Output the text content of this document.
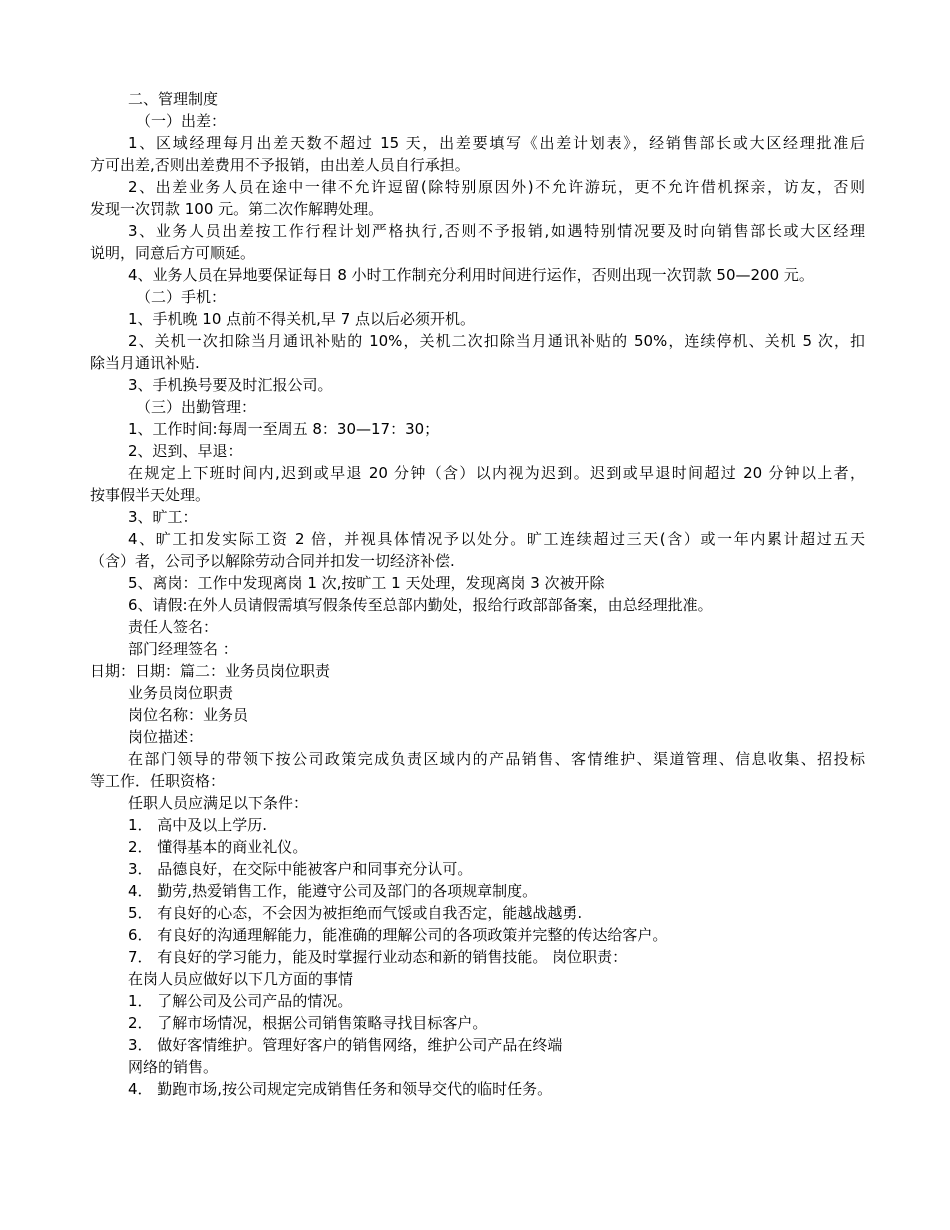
二、管理制度
（一）出差：
1、区域经理每月出差天数不超过 15 天，出差要填写《出差计划表》，经销售部长或大区经理批准后
方可出差,否则出差费用不予报销，由出差人员自行承担。
2、出差业务人员在途中一律不允许逗留(除特别原因外)不允许游玩，更不允许借机探亲，访友，否则
发现一次罚款 100 元。第二次作解聘处理。
3、业务人员出差按工作行程计划严格执行,否则不予报销,如遇特别情况要及时向销售部长或大区经理
说明，同意后方可顺延。
4、业务人员在异地要保证每日 8 小时工作制充分利用时间进行运作，否则出现一次罚款 50—200 元。
（二）手机：
1、手机晚 10 点前不得关机,早 7 点以后必须开机。
2、关机一次扣除当月通讯补贴的 10%，关机二次扣除当月通讯补贴的 50%，连续停机、关机 5 次，扣
除当月通讯补贴.
3、手机换号要及时汇报公司。
（三）出勤管理：
1、工作时间:每周一至周五 8：30—17：30；
2、迟到、早退：
在规定上下班时间内,迟到或早退 20 分钟（含）以内视为迟到。迟到或早退时间超过 20 分钟以上者，
按事假半天处理。
3、旷工：
4、旷工扣发实际工资 2 倍，并视具体情况予以处分。旷工连续超过三天(含）或一年内累计超过五天
（含）者，公司予以解除劳动合同并扣发一切经济补偿.
5、离岗：工作中发现离岗 1 次,按旷工 1 天处理，发现离岗 3 次被开除
6、请假:在外人员请假需填写假条传至总部内勤处，报给行政部部备案，由总经理批准。
责任人签名：
部门经理签名 ：
日期：日期：篇二：业务员岗位职责
业务员岗位职责
岗位名称：业务员
岗位描述：
在部门领导的带领下按公司政策完成负责区域内的产品销售、客情维护、渠道管理、信息收集、招投标
等工作．任职资格：
任职人员应满足以下条件：
1． 高中及以上学历.
2． 懂得基本的商业礼仪。
3． 品德良好，在交际中能被客户和同事充分认可。
4． 勤劳,热爱销售工作，能遵守公司及部门的各项规章制度。
5． 有良好的心态，不会因为被拒绝而气馁或自我否定，能越战越勇.
6． 有良好的沟通理解能力，能准确的理解公司的各项政策并完整的传达给客户。
7． 有良好的学习能力，能及时掌握行业动态和新的销售技能。 岗位职责：
在岗人员应做好以下几方面的事情
1． 了解公司及公司产品的情况。
2． 了解市场情况，根据公司销售策略寻找目标客户。
3． 做好客情维护。管理好客户的销售网络，维护公司产品在终端
网络的销售。
4． 勤跑市场,按公司规定完成销售任务和领导交代的临时任务。
